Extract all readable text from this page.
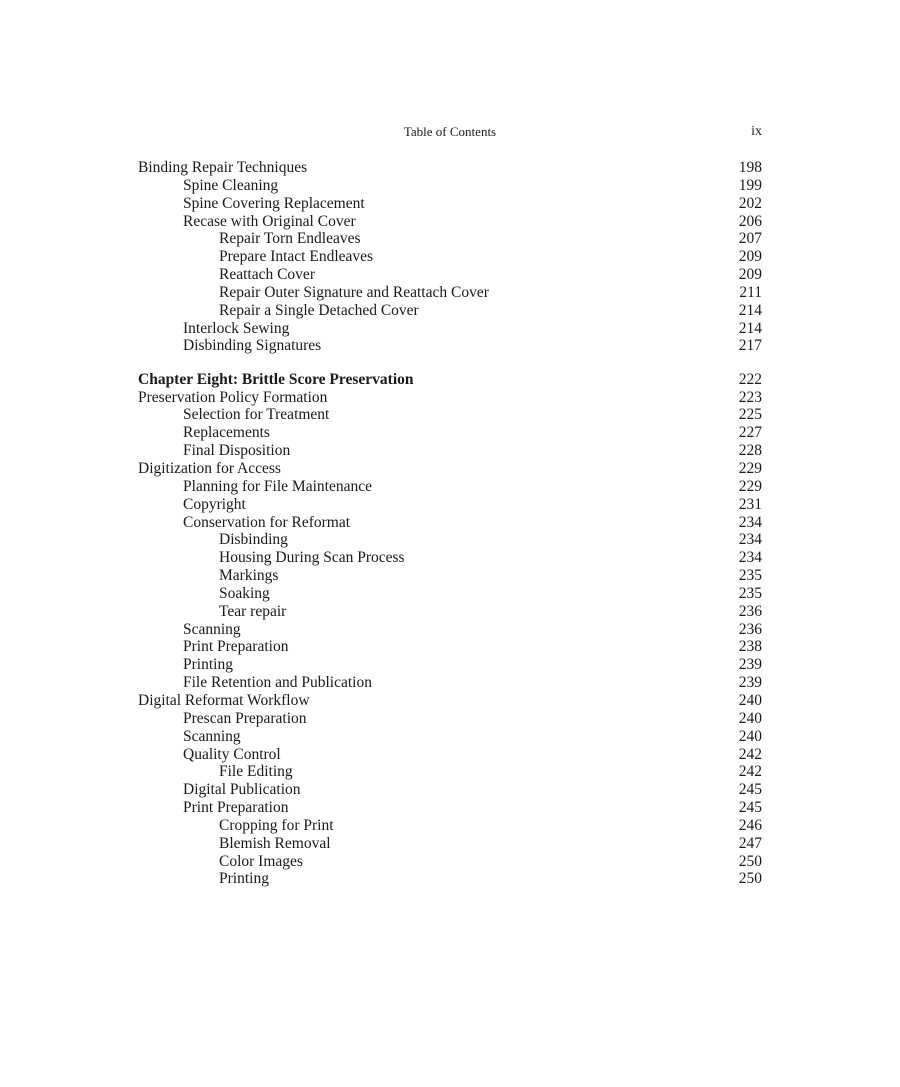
Table of Contents	ix
Binding Repair Techniques	198
Spine Cleaning	199
Spine Covering Replacement	202
Recase with Original Cover	206
Repair Torn Endleaves	207
Prepare Intact Endleaves	209
Reattach Cover	209
Repair Outer Signature and Reattach Cover	211
Repair a Single Detached Cover	214
Interlock Sewing	214
Disbinding Signatures	217
Chapter Eight: Brittle Score Preservation	222
Preservation Policy Formation	223
Selection for Treatment	225
Replacements	227
Final Disposition	228
Digitization for Access	229
Planning for File Maintenance	229
Copyright	231
Conservation for Reformat	234
Disbinding	234
Housing During Scan Process	234
Markings	235
Soaking	235
Tear repair	236
Scanning	236
Print Preparation	238
Printing	239
File Retention and Publication	239
Digital Reformat Workflow	240
Prescan Preparation	240
Scanning	240
Quality Control	242
File Editing	242
Digital Publication	245
Print Preparation	245
Cropping for Print	246
Blemish Removal	247
Color Images	250
Printing	250
